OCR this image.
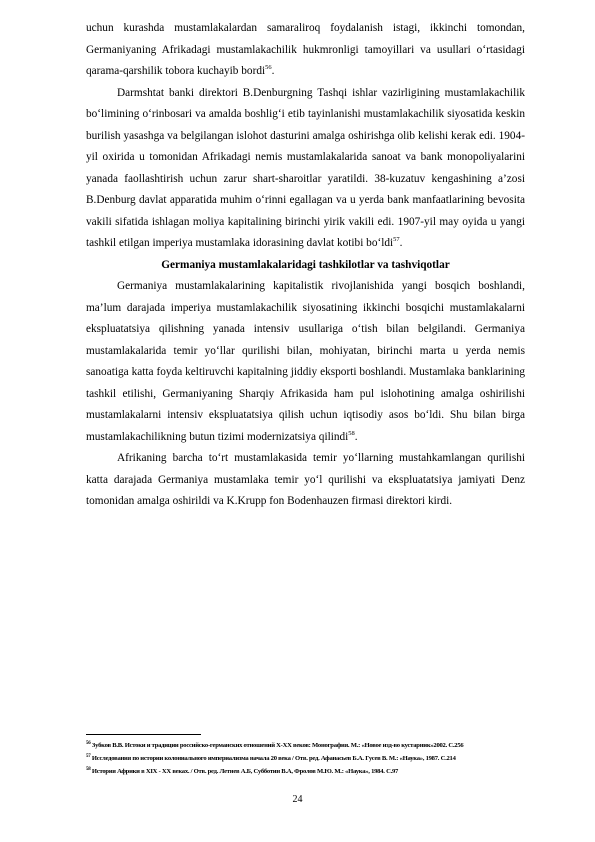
uchun kurashda mustamlakalardan samaraliroq foydalanish istagi, ikkinchi tomondan, Germaniyaning Afrikadagi mustamlakachilik hukmronligi tamoyillari va usullari o‘rtasidagi qarama-qarshilik tobora kuchayib bordi$^{56}$.

Darmshtat banki direktori B.Denburgning Tashqi ishlar vazirligining mustamlakachilik bo‘limining o‘rinbosari va amalda boshlig‘i etib tayinlanishi mustamlakachilik siyosatida keskin burilish yasashga va belgilangan islohot dasturini amalga oshirishga olib kelishi kerak edi. 1904-yil oxirida u tomonidan Afrikadagi nemis mustamlakalarida sanoat va bank monopoliyalarini yanada faollashtirish uchun zarur shart-sharoitlar yaratildi. 38-kuzatuv kengashining a’zosi B.Denburg davlat apparatida muhim o‘rinni egallagan va u yerda bank manfaatlarining bevosita vakili sifatida ishlagan moliya kapitalining birinchi yirik vakili edi. 1907-yil may oyida u yangi tashkil etilgan imperiya mustamlaka idorasining davlat kotibi bo‘ldi$^{57}$.

Germaniya mustamlakalaridagi tashkilotlar va tashviqotlar

Germaniya mustamlakalarining kapitalistik rivojlanishida yangi bosqich boshlandi, ma’lum darajada imperiya mustamlakachilik siyosatining ikkinchi bosqichi mustamlakalarni ekspluatatsiya qilishning yanada intensiv usullariga o‘tish bilan belgilandi. Germaniya mustamlakalarida temir yo‘llar qurilishi bilan, mohiyatan, birinchi marta u yerda nemis sanoatiga katta foyda keltiruvchi kapitalning jiddiy eksporti boshlandi. Mustamlaka banklarining tashkil etilishi, Germaniyaning Sharqiy Afrikasida ham pul islohotining amalga oshirilishi mustamlakalarni intensiv ekspluatatsiya qilish uchun iqtisodiy asos bo‘ldi. Shu bilan birga mustamlakachilikning butun tizimi modernizatsiya qilindi$^{58}$.

Afrikaning barcha to‘rt mustamlakasida temir yo‘llarning mustahkamlangan qurilishi katta darajada Germaniya mustamlaka temir yo‘l qurilishi va ekspluatatsiya jamiyati Denz tomonidan amalga oshirildi va K.Krupp fon Bodenhauzen firmasi direktori kirdi.

$^{56}$ Зубков В.В. Истоки и традиции российско-германских отношений X-XX веков: Монография. М.: «Новое изд-во кустарник»2002. С.256
$^{57}$ Исследования по истории колониального империализма начала 20 века / Отв. ред. Афанасьев Б.А. Гусев В. М.: «Наука», 1987. С.214
$^{58}$ История Африки в XIX - XX веках. / Отв. ред. Летнев А.Б, Субботин В.А, Фролов М.Ю. М.: «Наука», 1984. С.97
24
